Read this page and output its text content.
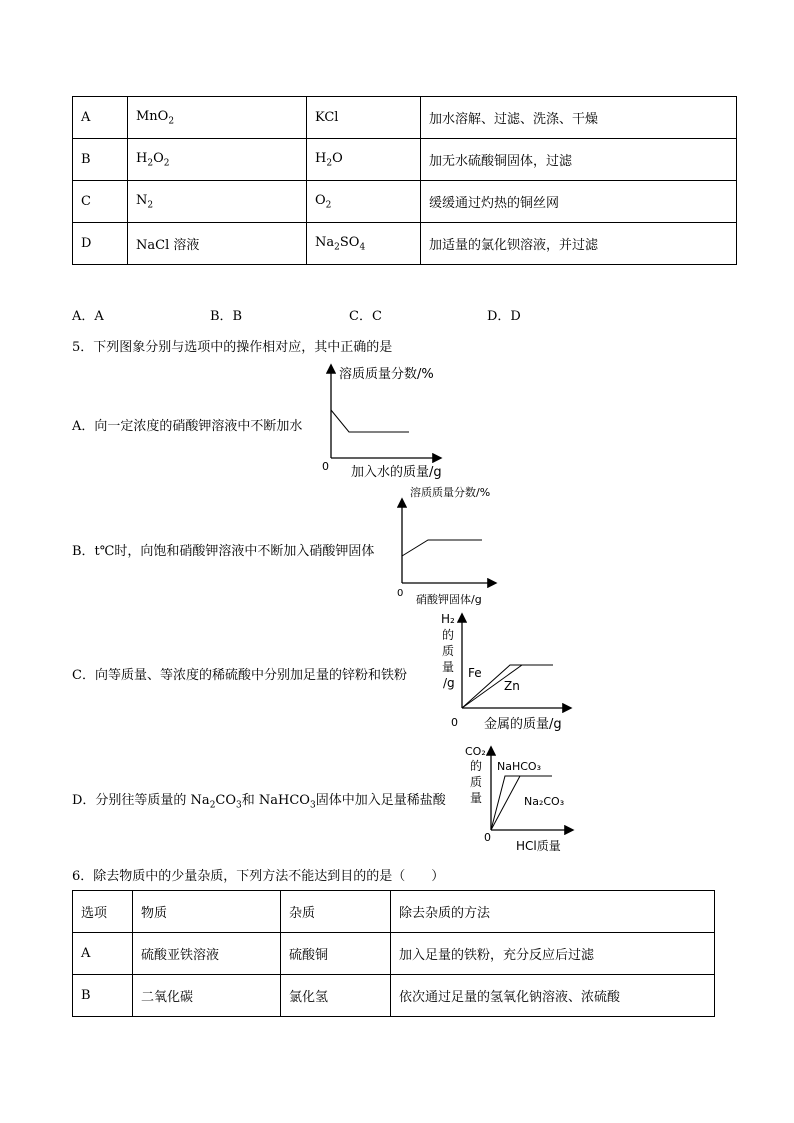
A	MnO$_2$	KCl	加水溶解、过滤、洗涤、干燥
B	$H_2O_2$	$H_2O$	加无水硫酸铜固体，过滤
C	$N_2$	$O_2$	缓缓通过灼热的铜丝网
D	NaCl 溶液	$Na_2SO_4$	加适量的氯化钡溶液，并过滤
A．A	B．B	C．C	D．D
5．下列图象分别与选项中的操作相对应，其中正确的是
A．向一定浓度的硝酸钾溶液中不断加水
溶质质量分数/%
加入水的质量/g
0
B．t℃时，向饱和硝酸钾溶液中不断加入硝酸钾固体
溶质质量分数/%
硝酸钾固体/g
0
C．向等质量、等浓度的稀硫酸中分别加足量的锌粉和铁粉
H₂
的
质
量
/g
Fe
Zn
金属的质量/g
0
D．分别往等质量的 $Na_2CO_3$和 NaHCO$_3$固体中加入足量稀盐酸
CO₂
的
质
量
NaHCO₃
Na₂CO₃
HCl质量
0
6．除去物质中的少量杂质，下列方法不能达到目的的是（　　）
选项	物质	杂质	除去杂质的方法
A	硫酸亚铁溶液	硫酸铜	加入足量的铁粉，充分反应后过滤
B	二氧化碳	氯化氢	依次通过足量的氢氧化钠溶液、浓硫酸
